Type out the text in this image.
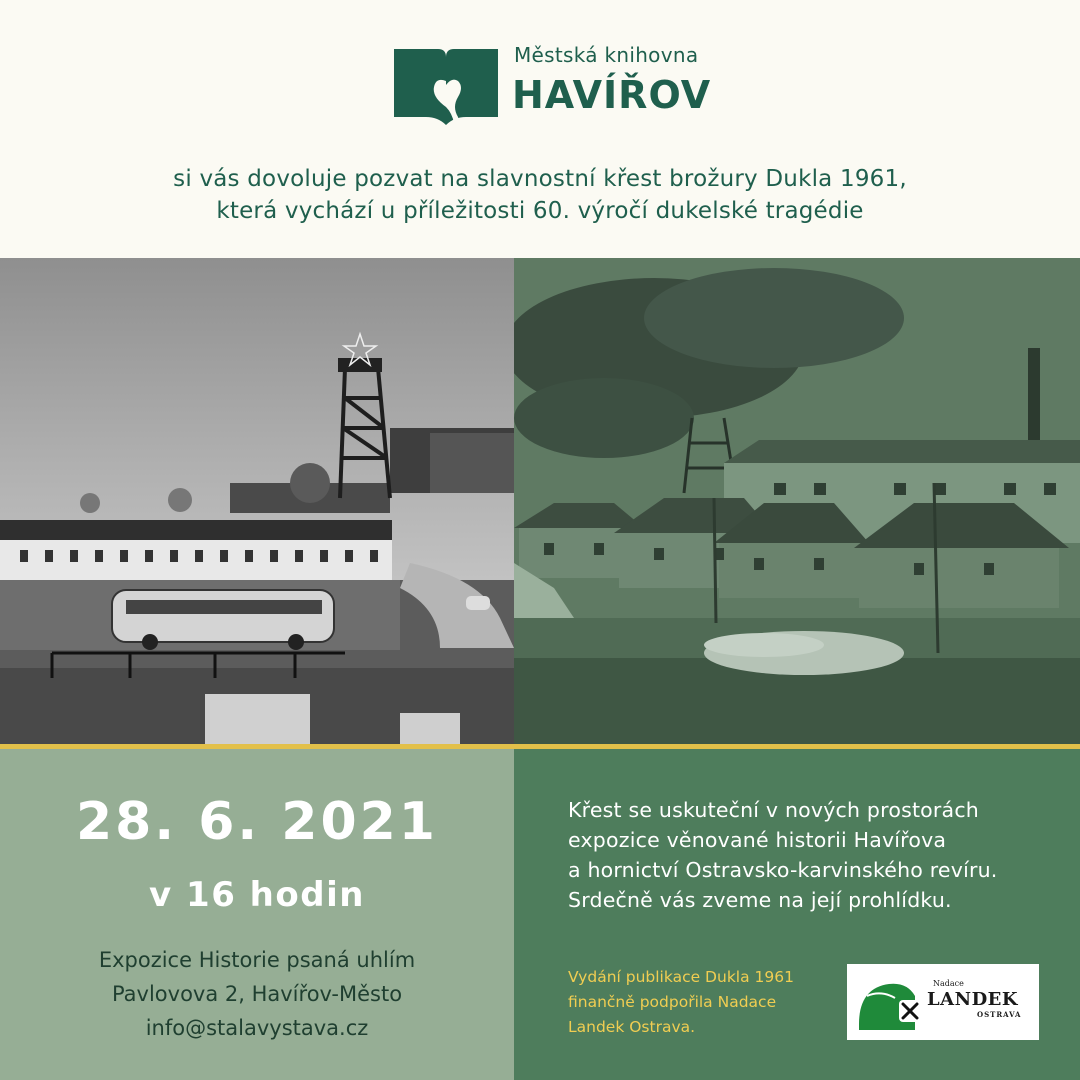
Městská knihovna
HAVÍŘOV
si vás dovoluje pozvat na slavnostní křest brožury Dukla 1961,
která vychází u příležitosti 60. výročí dukelské tragédie
28. 6. 2021
v 16 hodin
Expozice Historie psaná uhlím
Pavlovova 2, Havířov-Město
info@stalavystava.cz
Křest se uskuteční v nových prostorách
expozice věnované historii Havířova
a hornictví Ostravsko-karvinského revíru.
Srdečně vás zveme na její prohlídku.
Vydání publikace Dukla 1961
finančně podpořila Nadace
Landek Ostrava.
Nadace
LANDEK
OSTRAVA
